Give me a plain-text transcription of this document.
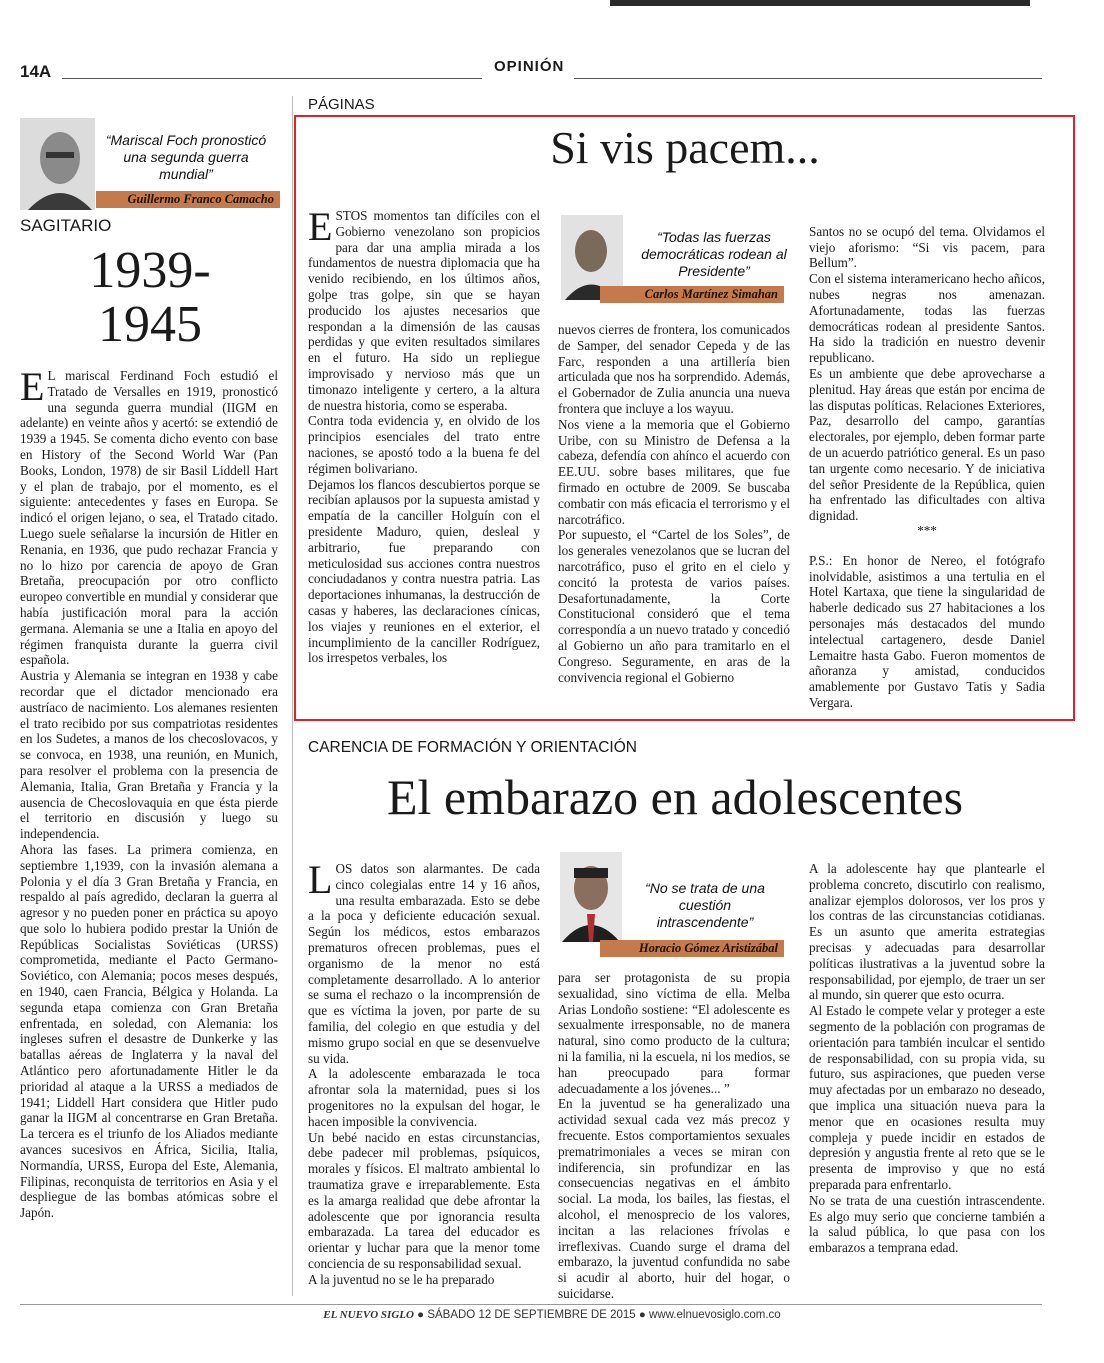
14A	OPINIÓN
“Mariscal Foch pronosticó una segunda guerra mundial”
Guillermo Franco Camacho
SAGITARIO
1939-
1945
E L mariscal Ferdinand Foch estudió el Tratado de Versalles en 1919, pronosticó una segunda guerra mundial (IIGM en adelante) en veinte años y acertó: se extendió de 1939 a 1945. Se comenta dicho evento con base en History of the Second World War (Pan Books, London, 1978) de sir Basil Liddell Hart y el plan de trabajo, por el momento, es el siguiente: antecedentes y fases en Europa. Se indicó el origen lejano, o sea, el Tratado citado. Luego suele señalarse la incursión de Hitler en Renania, en 1936, que pudo rechazar Francia y no lo hizo por carencia de apoyo de Gran Bretaña, preocupación por otro conflicto europeo convertible en mundial y considerar que había justificación moral para la acción germana. Alemania se une a Italia en apoyo del régimen franquista durante la guerra civil española.
Austria y Alemania se integran en 1938 y cabe recordar que el dictador mencionado era austríaco de nacimiento. Los alemanes resienten el trato recibido por sus compatriotas residentes en los Sudetes, a manos de los checoslovacos, y se convoca, en 1938, una reunión, en Munich, para resolver el problema con la presencia de Alemania, Italia, Gran Bretaña y Francia y la ausencia de Checoslovaquia en que ésta pierde el territorio en discusión y luego su independencia.
Ahora las fases. La primera comienza, en septiembre 1,1939, con la invasión alemana a Polonia y el día 3 Gran Bretaña y Francia, en respaldo al país agredido, declaran la guerra al agresor y no pueden poner en práctica su apoyo que solo lo hubiera podido prestar la Unión de Repúblicas Socialistas Soviéticas (URSS) comprometida, mediante el Pacto Germano-Soviético, con Alemania; pocos meses después, en 1940, caen Francia, Bélgica y Holanda. La segunda etapa comienza con Gran Bretaña enfrentada, en soledad, con Alemania: los ingleses sufren el desastre de Dunkerke y las batallas aéreas de Inglaterra y la naval del Atlántico pero afortunadamente Hitler le da prioridad al ataque a la URSS a mediados de 1941; Liddell Hart considera que Hitler pudo ganar la IIGM al concentrarse en Gran Bretaña. La tercera es el triunfo de los Aliados mediante avances sucesivos en África, Sicilia, Italia, Normandía, URSS, Europa del Este, Alemania, Filipinas, reconquista de territorios en Asia y el despliegue de las bombas atómicas sobre el Japón.
PÁGINAS
Si vis pacem...
“Todas las fuerzas democráticas rodean al Presidente”
Carlos Martínez Simahan
ESTOS momentos tan difíciles con el Gobierno venezolano son propicios para dar una amplia mirada a los fundamentos de nuestra diplomacia que ha venido recibiendo, en los últimos años, golpe tras golpe, sin que se hayan producido los ajustes necesarios que respondan a la dimensión de las causas perdidas y que eviten resultados similares en el futuro. Ha sido un repliegue improvisado y nervioso más que un timonazo inteligente y certero, a la altura de nuestra historia, como se esperaba.
Contra toda evidencia y, en olvido de los principios esenciales del trato entre naciones, se apostó todo a la buena fe del régimen bolivariano.
Dejamos los flancos descubiertos porque se recibían aplausos por la supuesta amistad y empatía de la canciller Holguín con el presidente Maduro, quien, desleal y arbitrario, fue preparando con meticulosidad sus acciones contra nuestros conciudadanos y contra nuestra patria. Las deportaciones inhumanas, la destrucción de casas y haberes, las declaraciones cínicas, los viajes y reuniones en el exterior, el incumplimiento de la canciller Rodríguez, los irrespetos verbales, los
nuevos cierres de frontera, los comunicados de Samper, del senador Cepeda y de las Farc, responden a una artillería bien articulada que nos ha sorprendido. Además, el Gobernador de Zulia anuncia una nueva frontera que incluye a los wayuu.
Nos viene a la memoria que el Gobierno Uribe, con su Ministro de Defensa a la cabeza, defendía con ahínco el acuerdo con EE.UU. sobre bases militares, que fue firmado en octubre de 2009. Se buscaba combatir con más eficacia el terrorismo y el narcotráfico.
Por supuesto, el “Cartel de los Soles”, de los generales venezolanos que se lucran del narcotráfico, puso el grito en el cielo y concitó la protesta de varios países. Desafortunadamente, la Corte Constitucional consideró que el tema correspondía a un nuevo tratado y concedió al Gobierno un año para tramitarlo en el Congreso. Seguramente, en aras de la convivencia regional el Gobierno

Santos no se ocupó del tema. Olvidamos el viejo aforismo: “Si vis pacem, para Bellum”.
Con el sistema interamericano hecho añicos, nubes negras nos amenazan. Afortunadamente, todas las fuerzas democráticas rodean al presidente Santos. Ha sido la tradición en nuestro devenir republicano.
Es un ambiente que debe aprovecharse a plenitud. Hay áreas que están por encima de las disputas políticas. Relaciones Exteriores, Paz, desarrollo del campo, garantías electorales, por ejemplo, deben formar parte de un acuerdo patriótico general. Es un paso tan urgente como necesario. Y de iniciativa del señor Presidente de la República, quien ha enfrentado las dificultades con altiva dignidad.

***

P.S.: En honor de Nereo, el fotógrafo inolvidable, asistimos a una tertulia en el Hotel Kartaxa, que tiene la singularidad de haberle dedicado sus 27 habitaciones a los personajes más destacados del mundo intelectual cartagenero, desde Daniel Lemaitre hasta Gabo. Fueron momentos de añoranza y amistad, conducidos amablemente por Gustavo Tatis y Sadia Vergara.

CARENCIA DE FORMACIÓN Y ORIENTACIÓN
El embarazo en adolescentes
“No se trata de una cuestión intrascendente”
Horacio Gómez Aristizábal
LOS datos son alarmantes. De cada cinco colegialas entre 14 y 16 años, una resulta embarazada. Esto se debe a la poca y deficiente educación sexual. Según los médicos, estos embarazos prematuros ofrecen problemas, pues el organismo de la menor no está completamente desarrollado. A lo anterior se suma el rechazo o la incomprensión de que es víctima la joven, por parte de su familia, del colegio en que estudia y del mismo grupo social en que se desenvuelve su vida.
A la adolescente embarazada le toca afrontar sola la maternidad, pues si los progenitores no la expulsan del hogar, le hacen imposible la convivencia.
Un bebé nacido en estas circunstancias, debe padecer mil problemas, psíquicos, morales y físicos. El maltrato ambiental lo traumatiza grave e irreparablemente. Esta es la amarga realidad que debe afrontar la adolescente que por ignorancia resulta embarazada. La tarea del educador es orientar y luchar para que la menor tome conciencia de su responsabilidad sexual.
A la juventud no se le ha preparado
para ser protagonista de su propia sexualidad, sino víctima de ella. Melba Arias Londoño sostiene: “El adolescente es sexualmente irresponsable, no de manera natural, sino como producto de la cultura; ni la familia, ni la escuela, ni los medios, se han preocupado para formar adecuadamente a los jóvenes... ”
En la juventud se ha generalizado una actividad sexual cada vez más precoz y frecuente. Estos comportamientos sexuales prematrimoniales a veces se miran con indiferencia, sin profundizar en las consecuencias negativas en el ámbito social. La moda, los bailes, las fiestas, el alcohol, el menosprecio de los valores, incitan a las relaciones frívolas e irreflexivas. Cuando surge el drama del embarazo, la juventud confundida no sabe si acudir al aborto, huir del hogar, o suicidarse.
A la adolescente hay que plantearle el problema concreto, discutirlo con realismo, analizar ejemplos dolorosos, ver los pros y los contras de las circunstancias cotidianas. Es un asunto que amerita estrategias precisas y adecuadas para desarrollar políticas ilustrativas a la juventud sobre la responsabilidad, por ejemplo, de traer un ser al mundo, sin querer que esto ocurra.
Al Estado le compete velar y proteger a este segmento de la población con programas de orientación para también inculcar el sentido de responsabilidad, con su propia vida, su futuro, sus aspiraciones, que pueden verse muy afectadas por un embarazo no deseado, que implica una situación nueva para la menor que en ocasiones resulta muy compleja y puede incidir en estados de depresión y angustia frente al reto que se le presenta de improviso y que no está preparada para enfrentarlo.
No se trata de una cuestión intrascendente. Es algo muy serio que concierne también a la salud pública, lo que pasa con los embarazos a temprana edad.
EL NUEVO SIGLO ● SÁBADO 12 DE SEPTIEMBRE DE 2015 ● www.elnuevosiglo.com.co
